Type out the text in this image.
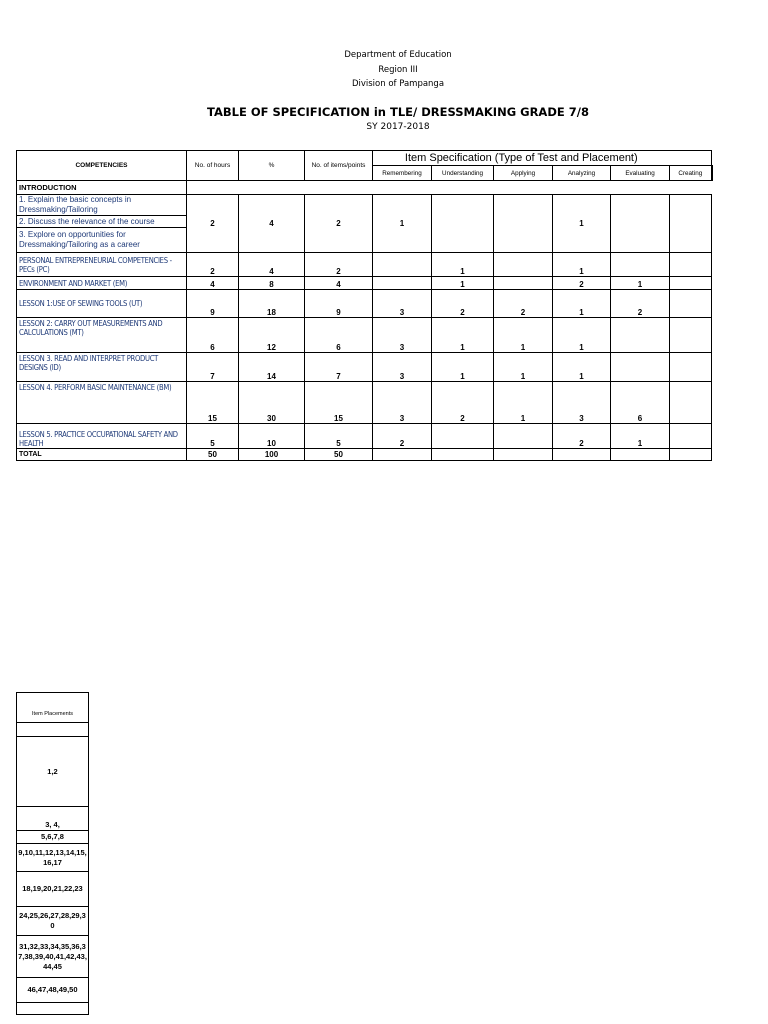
Department of Education
Region III
Division of Pampanga
TABLE OF SPECIFICATION in TLE/ DRESSMAKING GRADE 7/8
SY 2017-2018
COMPETENCIES	No. of hours	%	No. of items/points	Item Specification (Type of Test and Placement)					
				Remembering	Understanding	Applying	Analyzing	Evaluating	Creating
INTRODUCTION									
1. Explain the basic concepts in Dressmaking/Tailoring	2	4	2	1			1		
2. Discuss the relevance of the course									
3. Explore on opportunities for Dressmaking/Tailoring as a career									
PERSONAL ENTREPRENEURIAL COMPETENCIES - PECs (PC)	2	4	2		1		1		
ENVIRONMENT AND MARKET (EM)	4	8	4		1		2	1	
LESSON 1:USE OF SEWING TOOLS (UT)	9	18	9	3	2	2	1	2	
LESSON 2: CARRY OUT MEASUREMENTS AND CALCULATIONS (MT)	6	12	6	3	1	1	1		
LESSON 3. READ AND INTERPRET PRODUCT DESIGNS (ID)	7	14	7	3	1	1	1		
LESSON 4. PERFORM BASIC MAINTENANCE (BM)	15	30	15	3	2	1	3	6	
LESSON 5. PRACTICE OCCUPATIONAL SAFETY AND HEALTH	5	10	5	2			2	1	
TOTAL	50	100	50						
Item Placements

1,2
3, 4,
5,6,7,8
9,10,11,12,13,14,15,16,17
18,19,20,21,22,23
24,25,26,27,28,29,30
31,32,33,34,35,36,37,38,39,40,41,42,43,44,45
46,47,48,49,50
